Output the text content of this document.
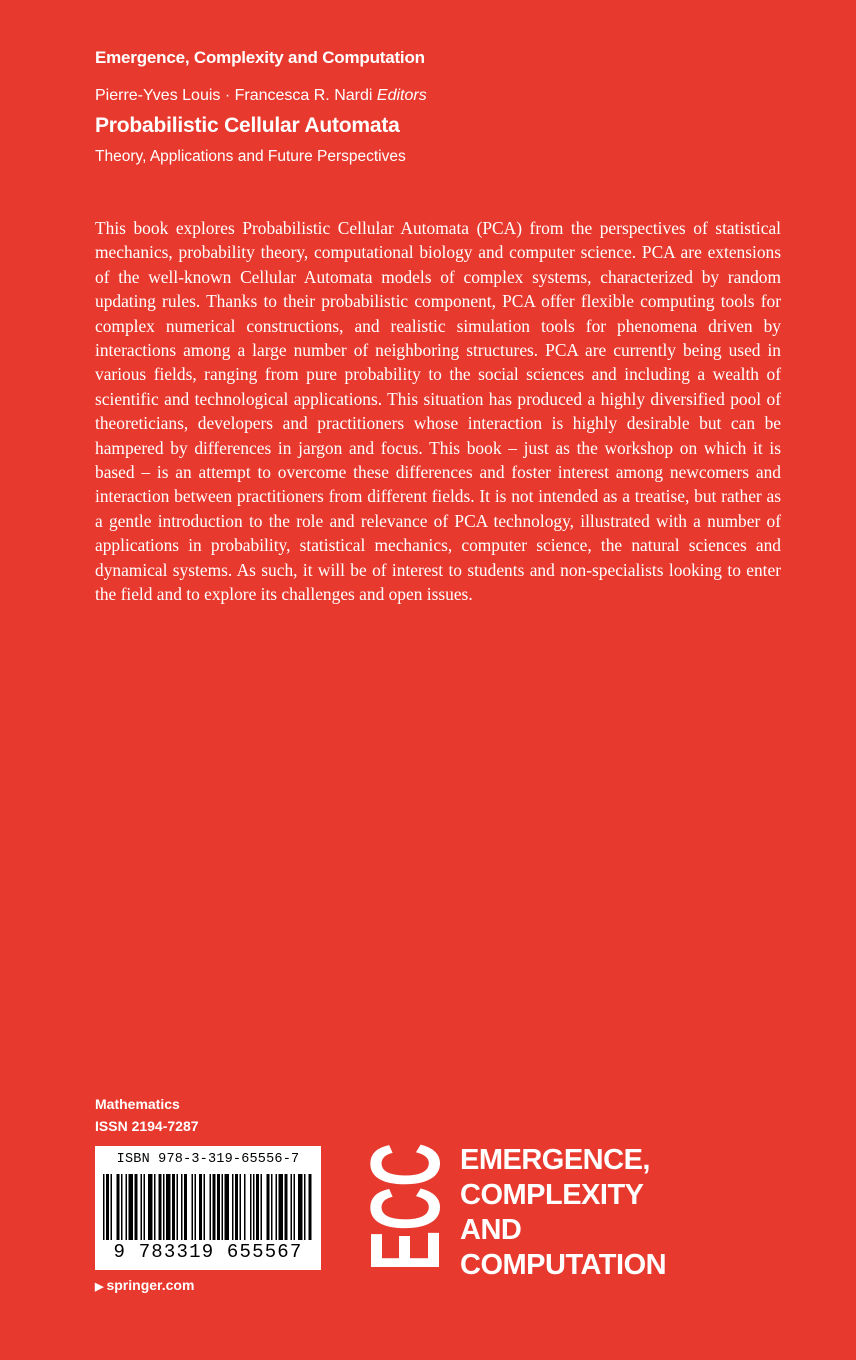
Emergence, Complexity and Computation
Pierre-Yves Louis · Francesca R. Nardi Editors
Probabilistic Cellular Automata
Theory, Applications and Future Perspectives

This book explores Probabilistic Cellular Automata (PCA) from the perspectives of statistical mechanics, probability theory, computational biology and computer science. PCA are extensions of the well-known Cellular Automata models of complex systems, characterized by random updating rules. Thanks to their probabilistic component, PCA offer flexible computing tools for complex numerical constructions, and realistic simulation tools for phenomena driven by interactions among a large number of neighboring structures. PCA are currently being used in various fields, ranging from pure probability to the social sciences and including a wealth of scientific and technological applications. This situation has produced a highly diversified pool of theoreticians, developers and practitioners whose interaction is highly desirable but can be hampered by differences in jargon and focus. This book – just as the workshop on which it is based – is an attempt to overcome these differences and foster interest among newcomers and interaction between practitioners from different fields. It is not intended as a treatise, but rather as a gentle introduction to the role and relevance of PCA technology, illustrated with a number of applications in probability, statistical mechanics, computer science, the natural sciences and dynamical systems. As such, it will be of interest to students and non-specialists looking to enter the field and to explore its challenges and open issues.

Mathematics
ISSN 2194-7287
ISBN 978-3-319-65556-7
9 783319 655567
▶ springer.com
ECC EMERGENCE,
COMPLEXITY
AND
COMPUTATION
